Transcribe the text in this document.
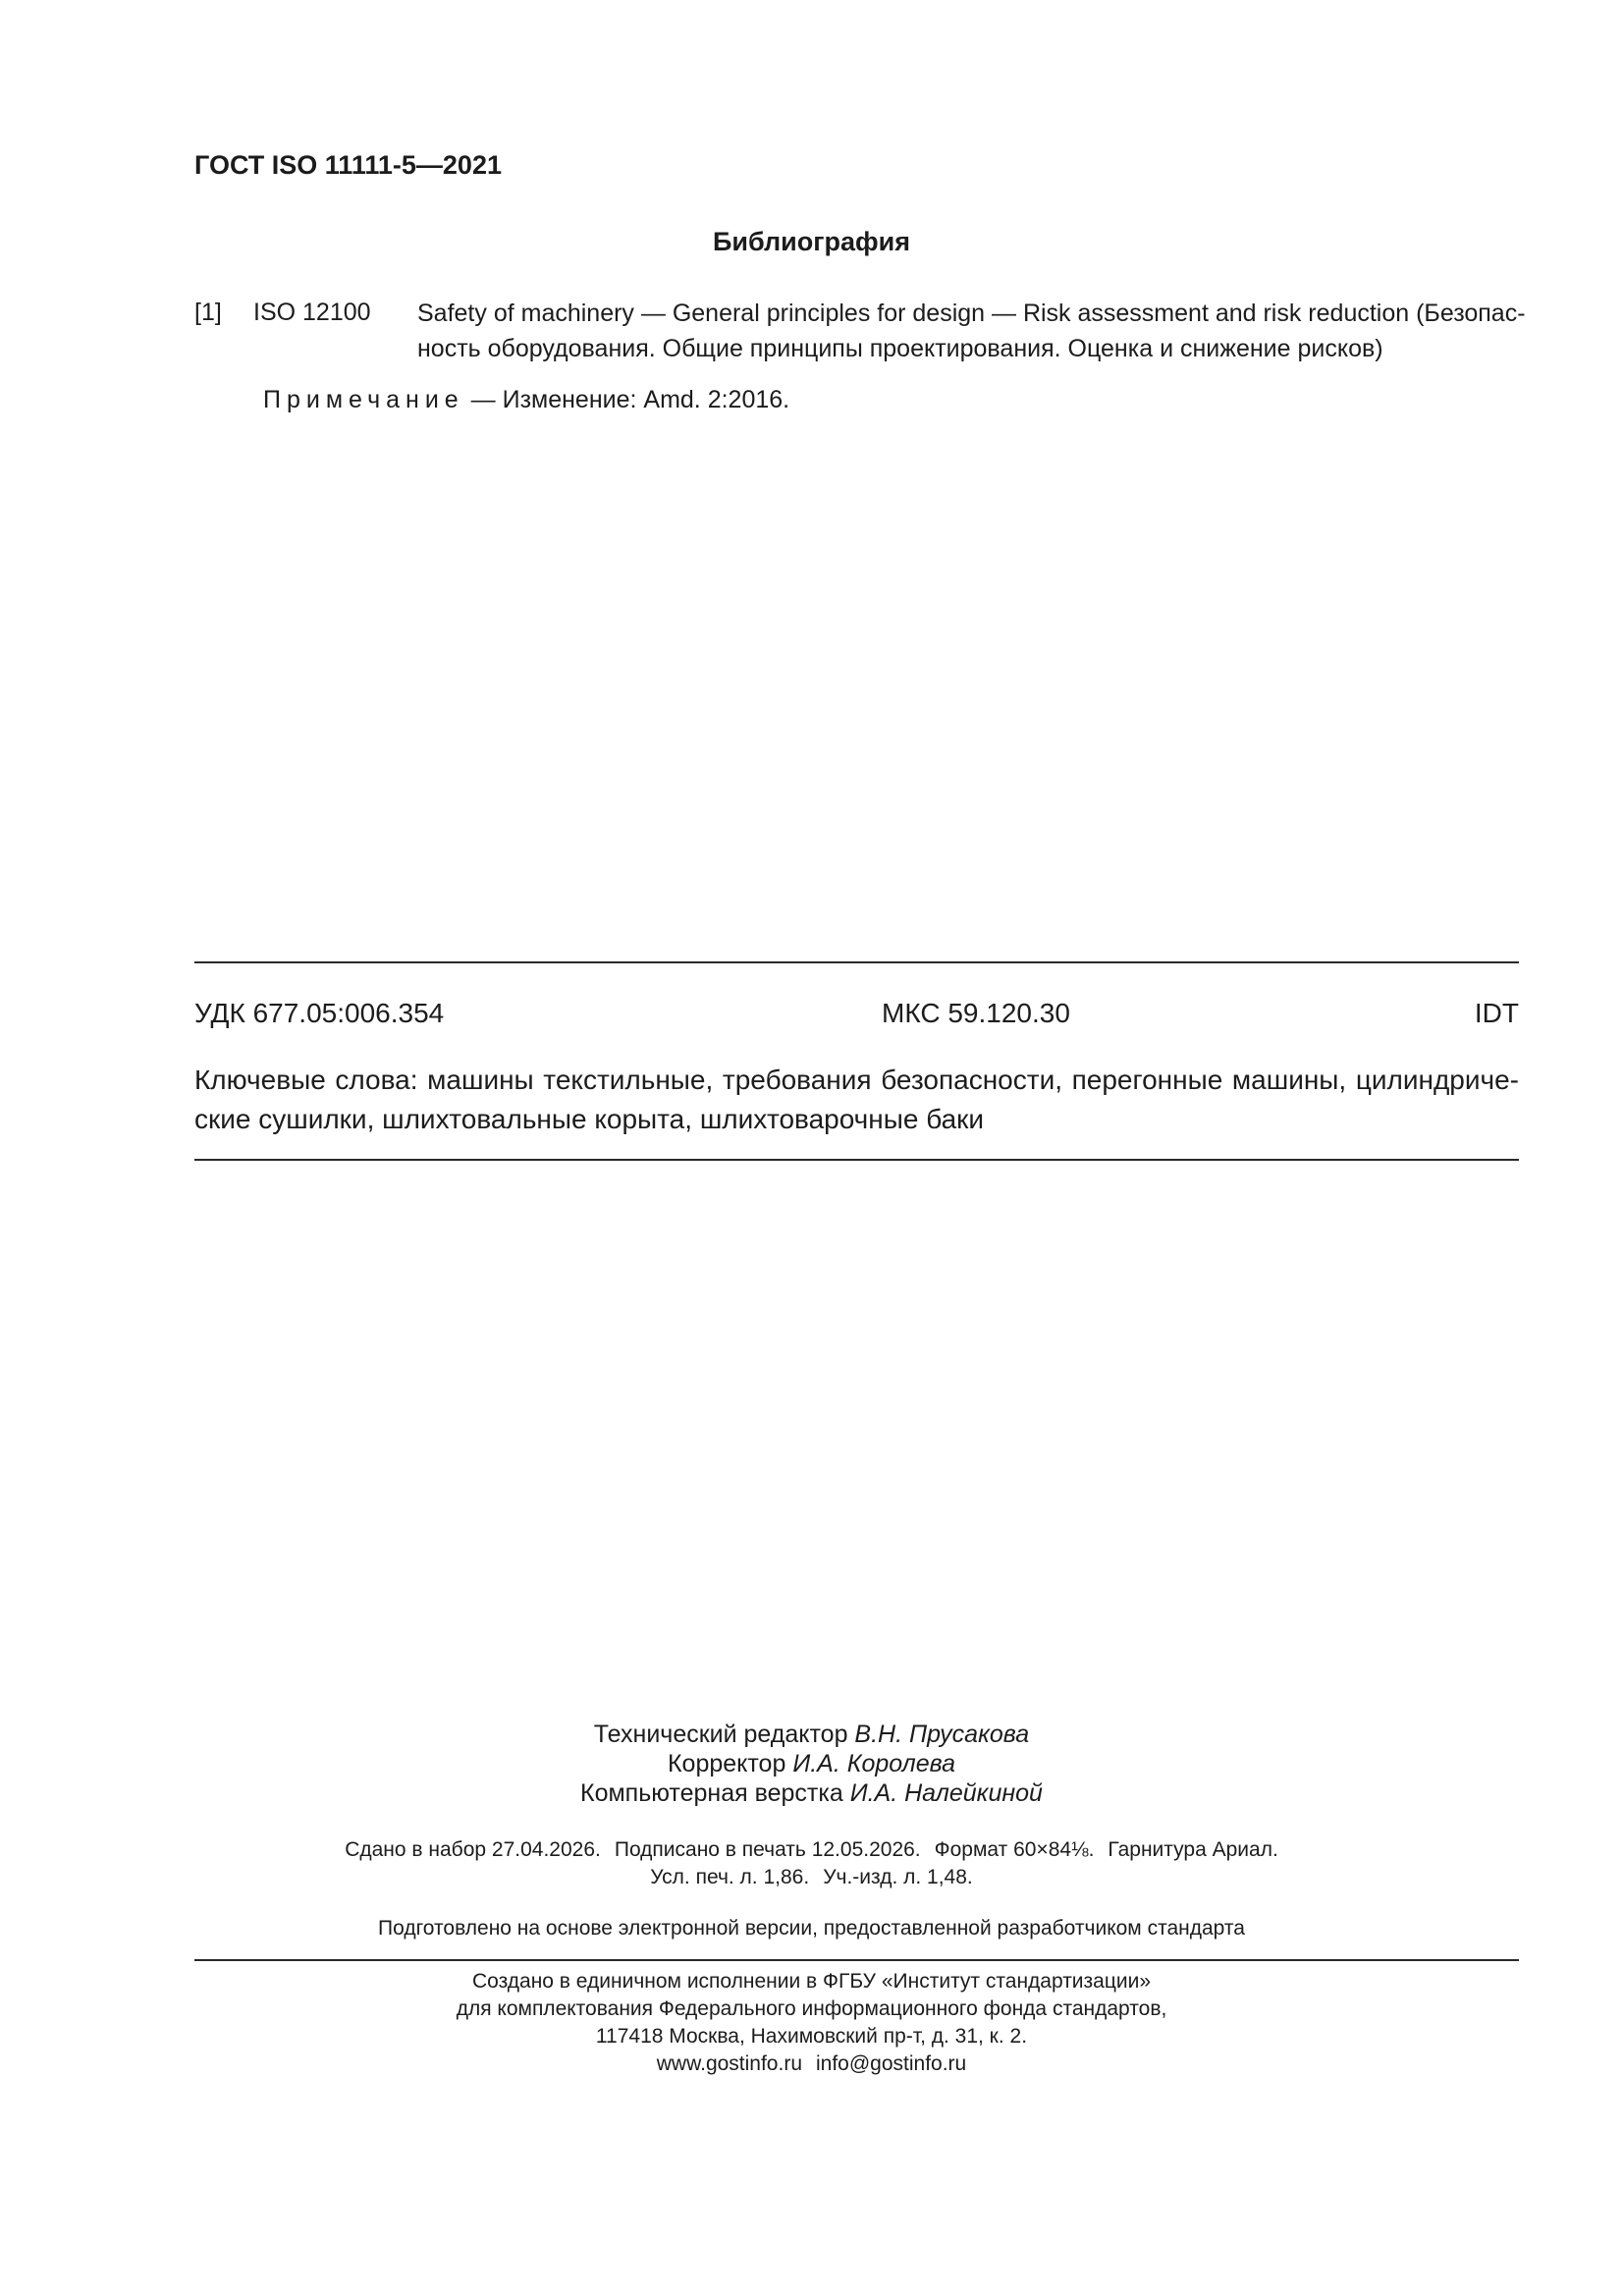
ГОСТ ISO 11111-5—2021
Библиография
[1] ISO 12100 Safety of machinery — General principles for design — Risk assessment and risk reduction (Безопас-
ность оборудования. Общие принципы проектирования. Оценка и снижение рисков)
Примечание — Изменение: Amd. 2:2016.
УДК 677.05:006.354	МКС 59.120.30	IDT
Ключевые слова: машины текстильные, требования безопасности, перегонные машины, цилиндриче-
ские сушилки, шлихтовальные корыта, шлихтоварочные баки
Технический редактор В.Н. Прусакова
Корректор И.А. Королева
Компьютерная верстка И.А. Налейкиной
Сдано в набор 27.04.2026. Подписано в печать 12.05.2026. Формат 60×84⅛. Гарнитура Ариал.
Усл. печ. л. 1,86. Уч.-изд. л. 1,48.
Подготовлено на основе электронной версии, предоставленной разработчиком стандарта
Создано в единичном исполнении в ФГБУ «Институт стандартизации»
для комплектования Федерального информационного фонда стандартов,
117418 Москва, Нахимовский пр-т, д. 31, к. 2.
www.gostinfo.ru info@gostinfo.ru
